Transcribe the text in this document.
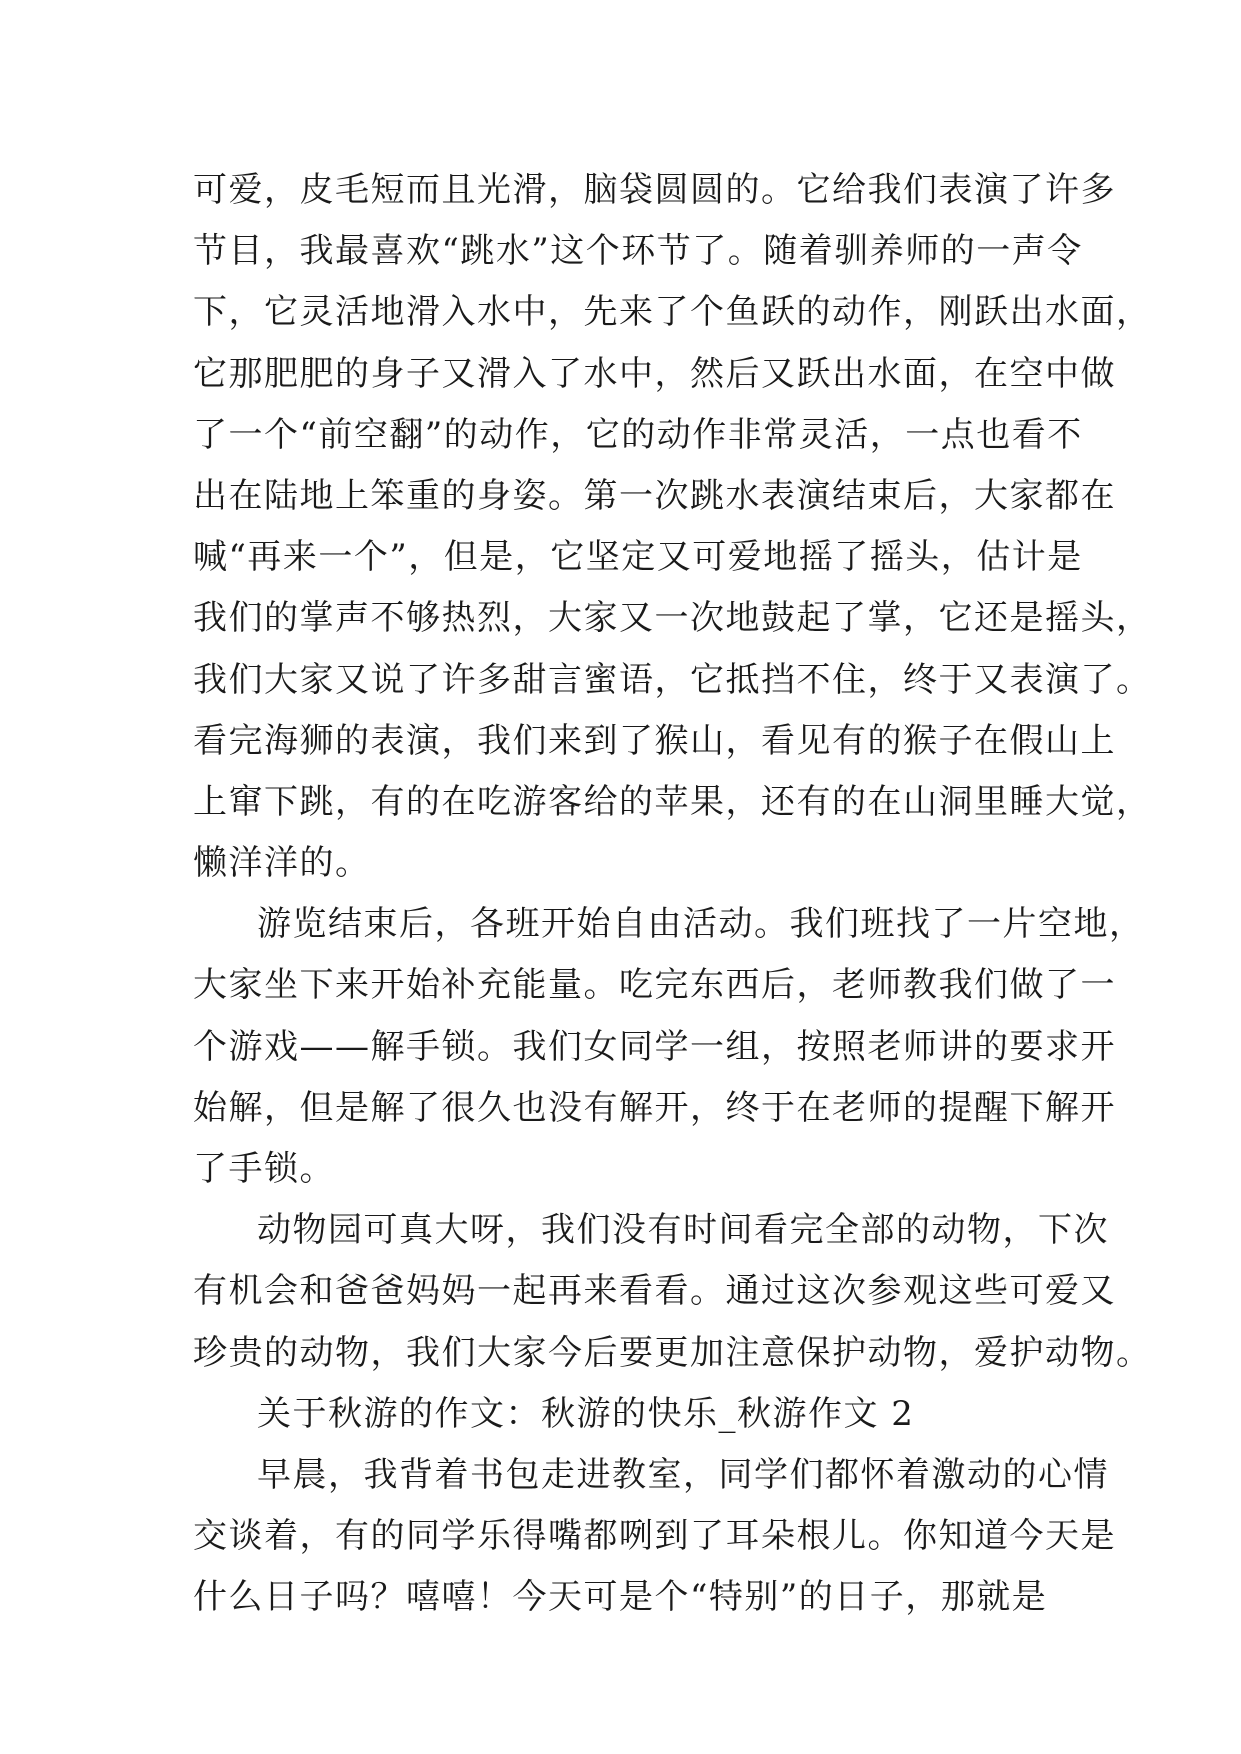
可爱，皮毛短而且光滑，脑袋圆圆的。它给我们表演了许多
节目，我最喜欢“跳水”这个环节了。随着驯养师的一声令
下，它灵活地滑入水中，先来了个鱼跃的动作，刚跃出水面，
它那肥肥的身子又滑入了水中，然后又跃出水面，在空中做
了一个“前空翻”的动作，它的动作非常灵活，一点也看不
出在陆地上笨重的身姿。第一次跳水表演结束后，大家都在
喊“再来一个”，但是，它坚定又可爱地摇了摇头，估计是
我们的掌声不够热烈，大家又一次地鼓起了掌，它还是摇头，
我们大家又说了许多甜言蜜语，它抵挡不住，终于又表演了。
看完海狮的表演，我们来到了猴山，看见有的猴子在假山上
上窜下跳，有的在吃游客给的苹果，还有的在山洞里睡大觉，
懒洋洋的。
游览结束后，各班开始自由活动。我们班找了一片空地，
大家坐下来开始补充能量。吃完东西后，老师教我们做了一
个游戏——解手锁。我们女同学一组，按照老师讲的要求开
始解，但是解了很久也没有解开，终于在老师的提醒下解开
了手锁。
动物园可真大呀，我们没有时间看完全部的动物，下次
有机会和爸爸妈妈一起再来看看。通过这次参观这些可爱又
珍贵的动物，我们大家今后要更加注意保护动物，爱护动物。
关于秋游的作文：秋游的快乐_秋游作文 2
早晨，我背着书包走进教室，同学们都怀着激动的心情
交谈着，有的同学乐得嘴都咧到了耳朵根儿。你知道今天是
什么日子吗？嘻嘻！今天可是个“特别”的日子，那就是
